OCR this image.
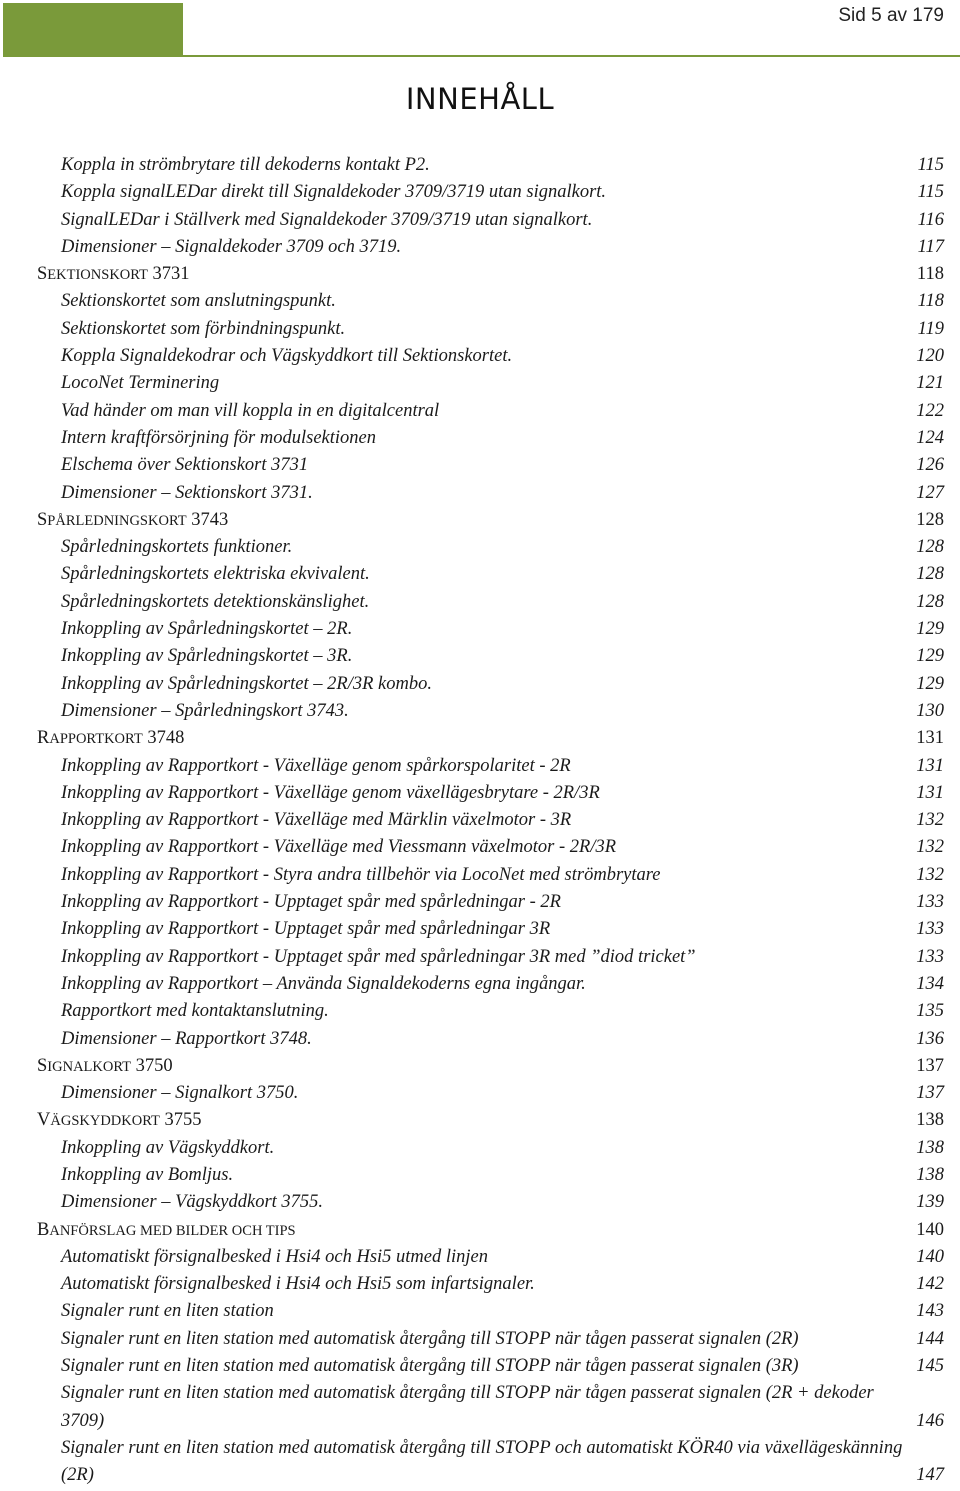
Sid 5 av 179
INNEHÅLL
Koppla in strömbrytare till dekoderns kontakt P2.	115
Koppla signalLEDar direkt till Signaldekoder 3709/3719 utan signalkort.	115
SignalLEDar i Ställverk med Signaldekoder 3709/3719 utan signalkort.	116
Dimensioner – Signaldekoder 3709 och 3719.	117
SEKTIONSKORT 3731	118
Sektionskortet som anslutningspunkt.	118
Sektionskortet som förbindningspunkt.	119
Koppla Signaldekodrar och Vägskyddkort till Sektionskortet.	120
LocoNet Terminering	121
Vad händer om man vill koppla in en digitalcentral	122
Intern kraftförsörjning för modulsektionen	124
Elschema över Sektionskort 3731	126
Dimensioner – Sektionskort 3731.	127
SPÅRLEDNINGSKORT 3743	128
Spårledningskortets funktioner.	128
Spårledningskortets elektriska ekvivalent.	128
Spårledningskortets detektionskänslighet.	128
Inkoppling av Spårledningskortet – 2R.	129
Inkoppling av Spårledningskortet – 3R.	129
Inkoppling av Spårledningskortet – 2R/3R kombo.	129
Dimensioner – Spårledningskort 3743.	130
RAPPORTKORT 3748	131
Inkoppling av Rapportkort - Växelläge genom spårkorspolaritet - 2R	131
Inkoppling av Rapportkort - Växelläge genom växellägesbrytare - 2R/3R	131
Inkoppling av Rapportkort - Växelläge med Märklin växelmotor - 3R	132
Inkoppling av Rapportkort - Växelläge med Viessmann växelmotor - 2R/3R	132
Inkoppling av Rapportkort - Styra andra tillbehör via LocoNet med strömbrytare	132
Inkoppling av Rapportkort - Upptaget spår med spårledningar - 2R	133
Inkoppling av Rapportkort - Upptaget spår med spårledningar 3R	133
Inkoppling av Rapportkort - Upptaget spår med spårledningar 3R med ”diod tricket”	133
Inkoppling av Rapportkort – Använda Signaldekoderns egna ingångar.	134
Rapportkort med kontaktanslutning.	135
Dimensioner – Rapportkort 3748.	136
SIGNALKORT 3750	137
Dimensioner – Signalkort 3750.	137
VÄGSKYDDKORT 3755	138
Inkoppling av Vägskyddkort.	138
Inkoppling av Bomljus.	138
Dimensioner – Vägskyddkort 3755.	139
BANFÖRSLAG MED BILDER OCH TIPS	140
Automatiskt försignalbesked i Hsi4 och Hsi5 utmed linjen	140
Automatiskt försignalbesked i Hsi4 och Hsi5 som infartsignaler.	142
Signaler runt en liten station	143
Signaler runt en liten station med automatisk återgång till STOPP när tågen passerat signalen (2R)	144
Signaler runt en liten station med automatisk återgång till STOPP när tågen passerat signalen (3R)	145
Signaler runt en liten station med automatisk återgång till STOPP när tågen passerat signalen (2R + dekoder 3709)	146
Signaler runt en liten station med automatisk återgång till STOPP och automatiskt KÖR40 via växellägeskänning (2R)	147
